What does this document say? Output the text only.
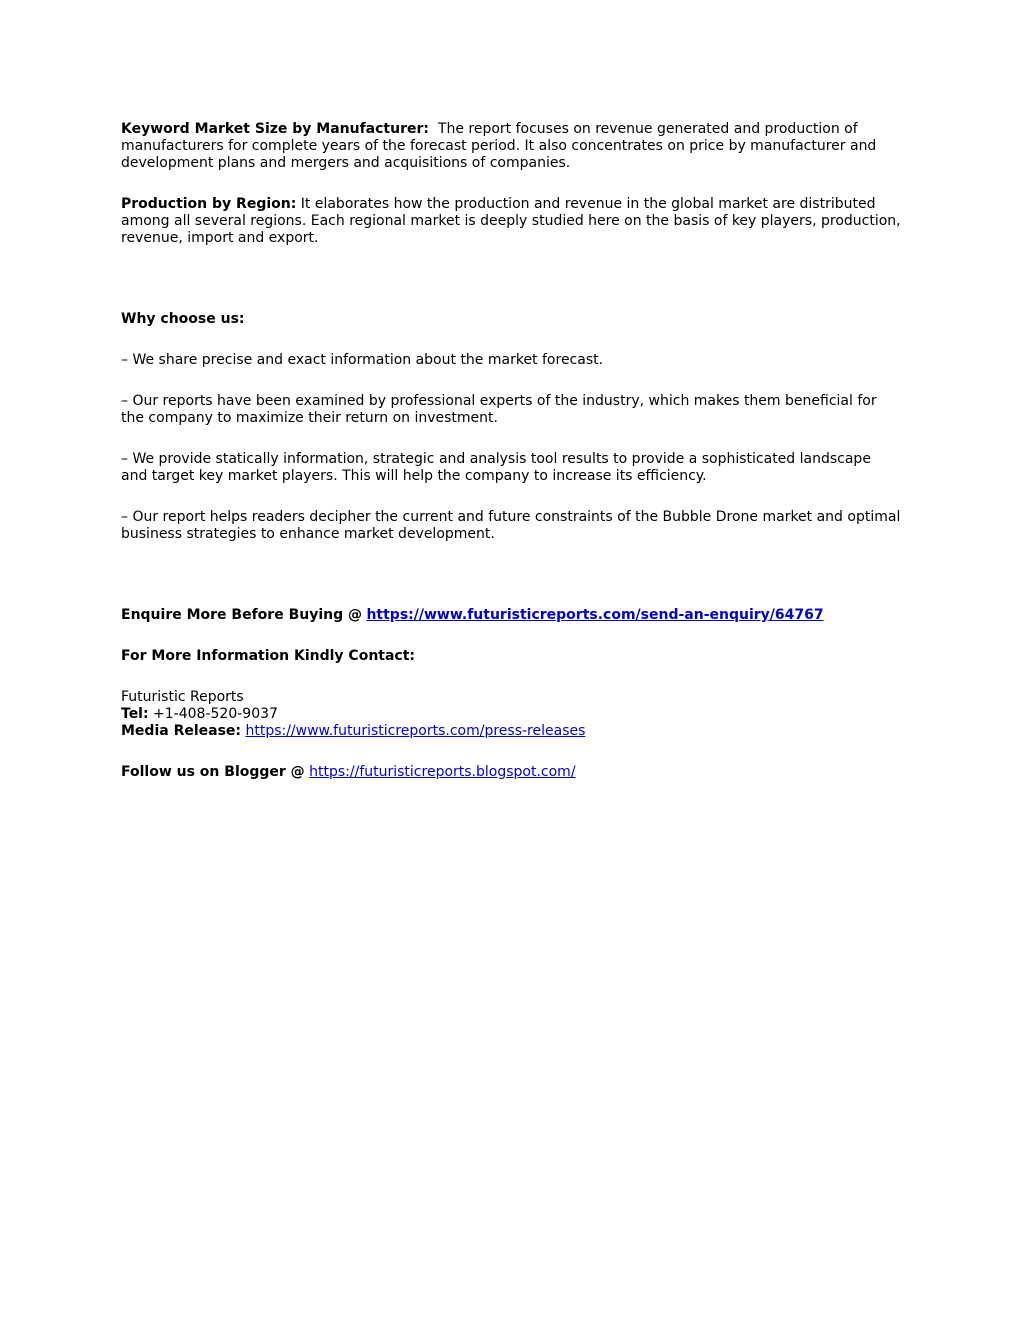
Keyword Market Size by Manufacturer: The report focuses on revenue generated and production of manufacturers for complete years of the forecast period. It also concentrates on price by manufacturer and development plans and mergers and acquisitions of companies.

Production by Region: It elaborates how the production and revenue in the global market are distributed among all several regions. Each regional market is deeply studied here on the basis of key players, production, revenue, import and export.

Why choose us:

– We share precise and exact information about the market forecast.

– Our reports have been examined by professional experts of the industry, which makes them beneficial for the company to maximize their return on investment.

– We provide statically information, strategic and analysis tool results to provide a sophisticated landscape and target key market players. This will help the company to increase its efficiency.

– Our report helps readers decipher the current and future constraints of the Bubble Drone market and optimal business strategies to enhance market development.

Enquire More Before Buying @ https://www.futuristicreports.com/send-an-enquiry/64767

For More Information Kindly Contact:

Futuristic Reports
Tel: +1-408-520-9037
Media Release: https://www.futuristicreports.com/press-releases

Follow us on Blogger @ https://futuristicreports.blogspot.com/
